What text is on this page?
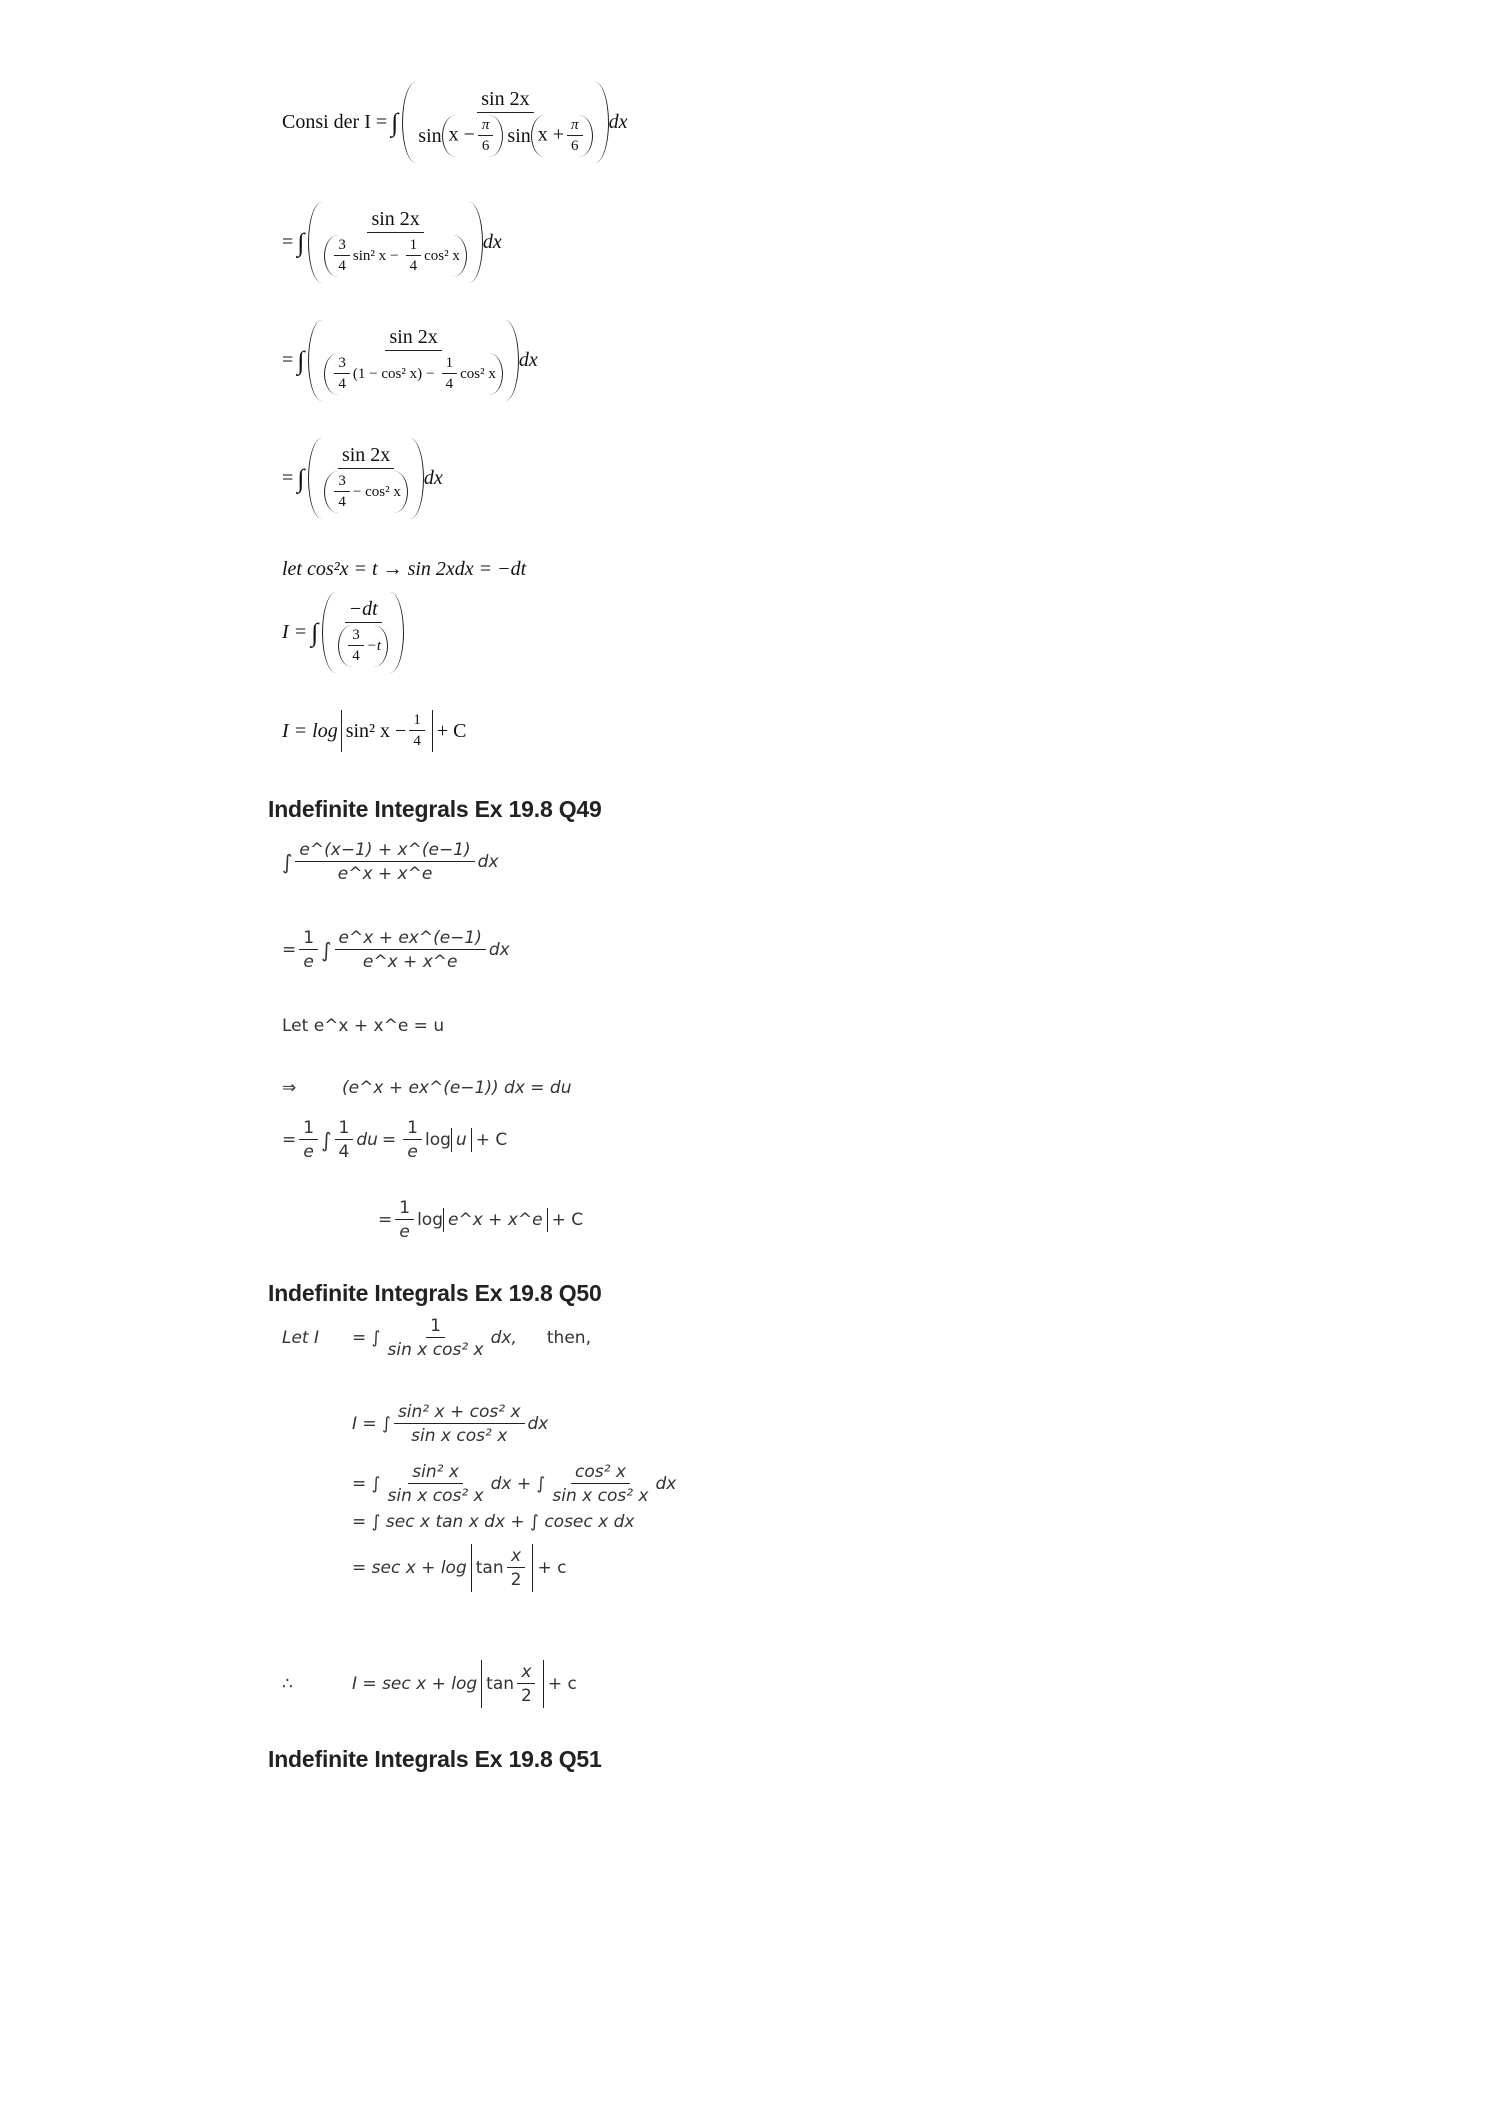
Consi der I = ∫ $\frac{\sin 2x}{\sin x - \frac{\pi}{6} \sin x + \frac{\pi}{6}}$ dx
= ∫
sin 2x
$\frac{3}{4} \sin^2$ $x - \frac{1}{4} \cos^2$ x
dx
= ∫
sin 2x
$\frac{3}{4} (1 - \cos^2$ $x) - \frac{1}{4} \cos^2$ x
dx
= ∫ $\frac{\sin 2x}{\frac{3}{4} - \cos^2 x}$ dx
let cos²x = t → sin 2xdx = −dt
I = ∫ $\frac{-dt}{\frac{3}{4} -t}$
I = log sin² $x - \frac{1}{4} + C$
Indefinite Integrals Ex 19.8 Q49
∫ $\frac{e\^{}(x-1) + x\^{}(e-1)}{e\^{}x + x\^{}e}$ dx
= $\frac{1}{e}$ ∫ $\frac{e\^{}x + ex\^{}(e-1)}{e\^{}x + x\^{}e}$ dx
Let e^x + x^e = u
⇒	(e^x + ex^(e−1)) dx = du
= $\frac{1}{e}$ ∫ $\frac{1}{4}$ du = $\frac{1}{e}$ log u + C
= $\frac{1}{e}$ log e^x + x^e + C
Indefinite Integrals Ex 19.8 Q50
Let I	= ∫ $\frac{1}{\text{sin x cos² x}}$ dx, then,
I = ∫ $\frac{\text{sin² x + cos² x}}{\text{sin x cos² x}}$ dx
= ∫ $\frac{\text{sin² x}}{\text{sin x cos² x}}$ dx + ∫ $\frac{\text{cos² x}}{\text{sin x cos² x}}$ dx
= ∫ sec x tan x dx + ∫ cosec x dx
= $\sec x + \log \tan \frac{x}{2} + c$
∴	$I = \sec x + \log \tan \frac{x}{2} + c$
Indefinite Integrals Ex 19.8 Q51
